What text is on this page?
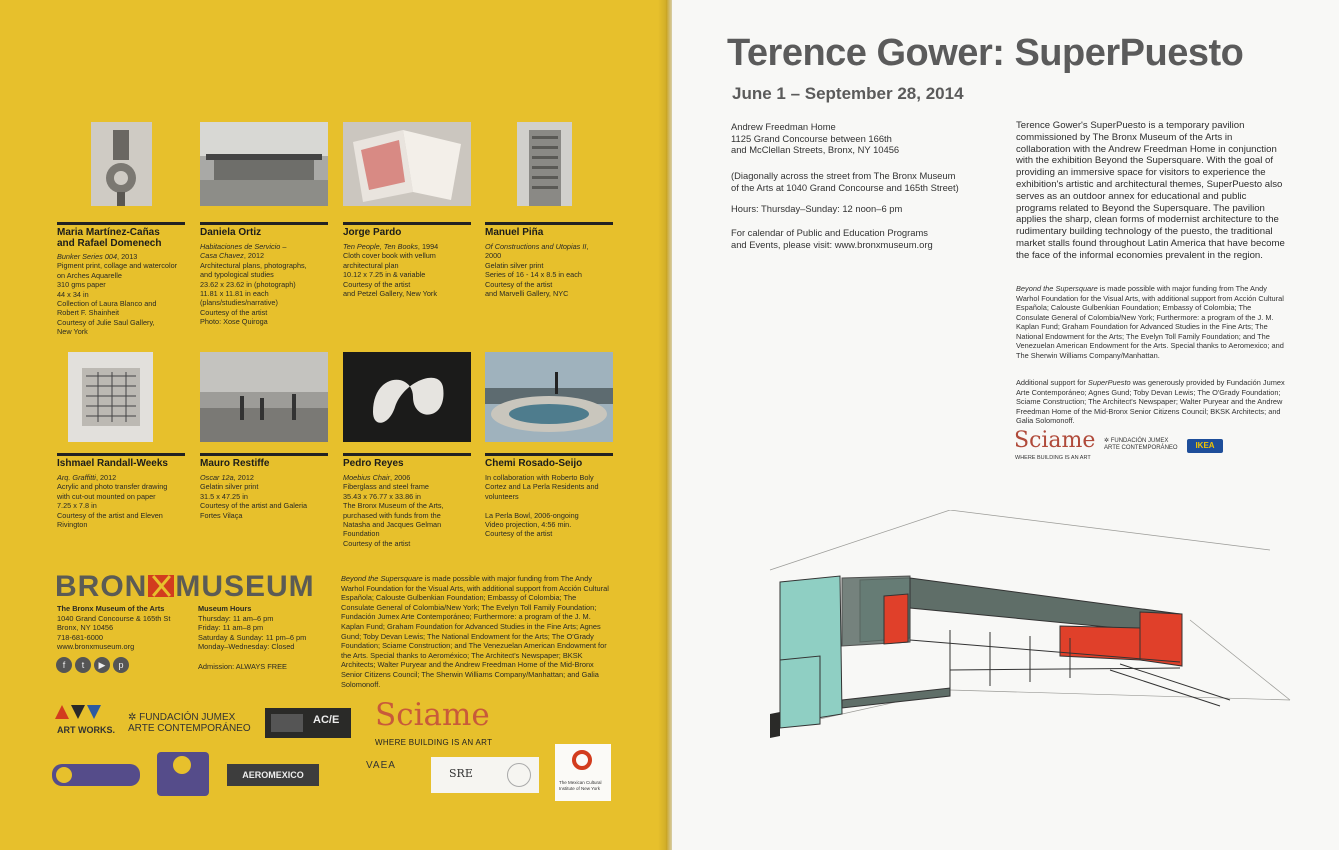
Maria Martínez-Cañas
and Rafael Domenech
Bunker Series 004, 2013
Pigment print, collage and watercolor
on Arches Aquarelle
310 gms paper
44 x 34 in
Collection of Laura Blanco and
Robert F. Shainheit
Courtesy of Julie Saul Gallery,
New York
Daniela Ortiz
Habitaciones de Servicio –
Casa Chavez, 2012
Architectural plans, photographs,
and typological studies
23.62 x 23.62 in (photograph)
11.81 x 11.81 in each
(plans/studies/narrative)
Courtesy of the artist
Photo: Xose Quiroga
Jorge Pardo
Ten People, Ten Books, 1994
Cloth cover book with vellum
architectural plan
10.12 x 7.25 in & variable
Courtesy of the artist
and Petzel Gallery, New York
Manuel Piña
Of Constructions and Utopias II,
2000
Gelatin silver print
Series of 16 - 14 x 8.5 in each
Courtesy of the artist
and Marvelli Gallery, NYC
Ishmael Randall-Weeks
Arq. Graffitti, 2012
Acrylic and photo transfer drawing
with cut-out mounted on paper
7.25 x 7.8 in
Courtesy of the artist and Eleven
Rivington
Mauro Restiffe
Oscar 12a, 2012
Gelatin silver print
31.5 x 47.25 in
Courtesy of the artist and Galeria
Fortes Vilaça
Pedro Reyes
Moebius Chair, 2006
Fiberglass and steel frame
35.43 x 76.77 x 33.86 in
The Bronx Museum of the Arts,
purchased with funds from the
Natasha and Jacques Gelman
Foundation
Courtesy of the artist
Chemi Rosado-Seijo
In collaboration with Roberto Boly
Cortez and La Perla Residents and
volunteers

La Perla Bowl, 2006-ongoing
Video projection, 4:56 min.
Courtesy of the artist
BRON MUSEUM
The Bronx Museum of the Arts
1040 Grand Concourse & 165th St
Bronx, NY 10456
718-681-6000
www.bronxmuseum.org
Museum Hours
Thursday: 11 am–6 pm
Friday: 11 am–8 pm
Saturday & Sunday: 11 pm–6 pm
Monday–Wednesday: Closed

Admission: ALWAYS FREE
f	t	▶	p
Beyond the Supersquare is made possible with major funding from The Andy Warhol Foundation for the Visual Arts, with additional support from Acción Cultural Española; Calouste Gulbenkian Foundation; Embassy of Colombia; The Consulate General of Colombia/New York; The Evelyn Toll Family Foundation; Fundación Jumex Arte Contemporáneo; Furthermore: a program of the J. M. Kaplan Fund; Graham Foundation for Advanced Studies in the Fine Arts; Agnes Gund; Toby Devan Lewis; The National Endowment for the Arts; The O'Grady Foundation; Sciame Construction; and The Venezuelan American Endowment for the Arts. Special thanks to Aeroméxico; The Architect's Newspaper; BKSK Architects; Walter Puryear and the Andrew Freedman Home of the Mid-Bronx Senior Citizens Council; The Sherwin Williams Company/Manhattan; and Galia Solomonoff.
ART WORKS.
✲ FUNDACIÓN JUMEX
ARTE CONTEMPORÁNEO
AC/E Sciame
WHERE BUILDING IS AN ART
AEROMEXICO
VAEA
SRE
The Mexican Cultural
Institute of New York
Terence Gower: SuperPuesto
June 1 – September 28, 2014
Andrew Freedman Home
1125 Grand Concourse between 166th
and McClellan Streets, Bronx, NY 10456
(Diagonally across the street from The Bronx Museum
of the Arts at 1040 Grand Concourse and 165th Street)
Hours: Thursday–Sunday: 12 noon–6 pm
For calendar of Public and Education Programs
and Events, please visit: www.bronxmuseum.org
Terence Gower's SuperPuesto is a temporary pavilion commissioned by The Bronx Museum of the Arts in collaboration with the Andrew Freedman Home in conjunction with the exhibition Beyond the Supersquare. With the goal of providing an immersive space for visitors to experience the exhibition's artistic and architectural themes, SuperPuesto also serves as an outdoor annex for educational and public programs related to Beyond the Supersquare. The pavilion applies the sharp, clean forms of modernist architecture to the rudimentary building technology of the puesto, the traditional market stalls found throughout Latin America that have become the face of the informal economies prevalent in the region.
Beyond the Supersquare is made possible with major funding from The Andy Warhol Foundation for the Visual Arts, with additional support from Acción Cultural Española; Calouste Gulbenkian Foundation; Embassy of Colombia; The Consulate General of Colombia/New York; Furthermore: a program of the J. M. Kaplan Fund; Graham Foundation for Advanced Studies in the Fine Arts; The National Endowment for the Arts; The Evelyn Toll Family Foundation; and The Venezuelan American Endowment for the Arts. Special thanks to Aeromexico; and The Sherwin Williams Company/Manhattan.
Additional support for SuperPuesto was generously provided by Fundación Jumex Arte Contemporáneo; Agnes Gund; Toby Devan Lewis; The O'Grady Foundation; Sciame Construction; The Architect's Newspaper; Walter Puryear and the Andrew Freedman Home of the Mid-Bronx Senior Citizens Council; BKSK Architects; and Galia Solomonoff.
Sciame
WHERE BUILDING IS AN ART
✲ FUNDACIÓN JUMEX
ARTE CONTEMPORÁNEO	IKEA
